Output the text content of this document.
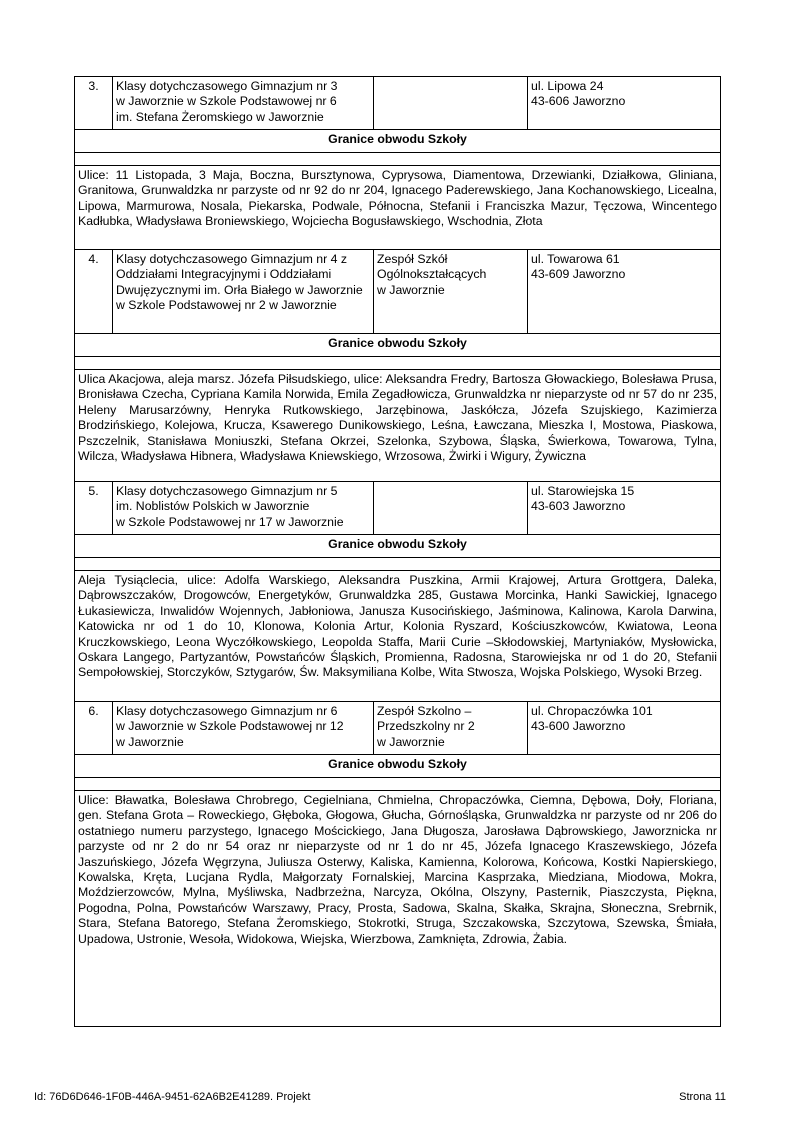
3.	Klasy dotychczasowego Gimnazjum nr 3
w Jaworznie w Szkole Podstawowej nr 6
im. Stefana Żeromskiego w Jaworznie		ul. Lipowa 24
43-606 Jaworzno
Granice obwodu Szkoły			

Ulice: 11 Listopada, 3 Maja, Boczna, Bursztynowa, Cyprysowa, Diamentowa, Drzewianki, Działkowa, Gliniana, Granitowa, Grunwaldzka nr parzyste od nr 92 do nr 204, Ignacego Paderewskiego, Jana Kochanowskiego, Licealna, Lipowa, Marmurowa, Nosala, Piekarska, Podwale, Północna, Stefanii i Franciszka Mazur, Tęczowa, Wincentego Kadłubka, Władysława Broniewskiego, Wojciecha Bogusławskiego, Wschodnia, Złota			
4.	Klasy dotychczasowego Gimnazjum nr 4 z Oddziałami Integracyjnymi i Oddziałami Dwujęzycznymi im. Orła Białego w Jaworznie w Szkole Podstawowej nr 2 w Jaworznie	Zespół Szkół
Ogólnokształcących
w Jaworznie	ul. Towarowa 61
43-609 Jaworzno
Granice obwodu Szkoły			

Ulica Akacjowa, aleja marsz. Józefa Piłsudskiego, ulice: Aleksandra Fredry, Bartosza Głowackiego, Bolesława Prusa, Bronisława Czecha, Cypriana Kamila Norwida, Emila Zegadłowicza, Grunwaldzka nr nieparzyste od nr 57 do nr 235, Heleny Marusarzówny, Henryka Rutkowskiego, Jarzębinowa, Jaskółcza, Józefa Szujskiego, Kazimierza Brodzińskiego, Kolejowa, Krucza, Ksawerego Dunikowskiego, Leśna, Ławczana, Mieszka I, Mostowa, Piaskowa, Pszczelnik, Stanisława Moniuszki, Stefana Okrzei, Szelonka, Szybowa, Śląska, Świerkowa, Towarowa, Tylna, Wilcza, Władysława Hibnera, Władysława Kniewskiego, Wrzosowa, Żwirki i Wigury, Żywiczna			
5.	Klasy dotychczasowego Gimnazjum nr 5
im. Noblistów Polskich w Jaworznie
w Szkole Podstawowej nr 17 w Jaworznie		ul. Starowiejska 15
43-603 Jaworzno
Granice obwodu Szkoły			

Aleja Tysiąclecia, ulice: Adolfa Warskiego, Aleksandra Puszkina, Armii Krajowej, Artura Grottgera, Daleka, Dąbrowszczaków, Drogowców, Energetyków, Grunwaldzka 285, Gustawa Morcinka, Hanki Sawickiej, Ignacego Łukasiewicza, Inwalidów Wojennych, Jabłoniowa, Janusza Kusocińskiego, Jaśminowa, Kalinowa, Karola Darwina, Katowicka nr od 1 do 10, Klonowa, Kolonia Artur, Kolonia Ryszard, Kościuszkowców, Kwiatowa, Leona Kruczkowskiego, Leona Wyczółkowskiego, Leopolda Staffa, Marii Curie –Skłodowskiej, Martyniaków, Mysłowicka, Oskara Langego, Partyzantów, Powstańców Śląskich, Promienna, Radosna, Starowiejska nr od 1 do 20, Stefanii Sempołowskiej, Storczyków, Sztygarów, Św. Maksymiliana Kolbe, Wita Stwosza, Wojska Polskiego, Wysoki Brzeg.			
6.	Klasy dotychczasowego Gimnazjum nr 6
w Jaworznie w Szkole Podstawowej nr 12
w Jaworznie	Zespół Szkolno –
Przedszkolny nr 2
w Jaworznie	ul. Chropaczówka 101
43-600 Jaworzno
Granice obwodu Szkoły			

Ulice: Bławatka, Bolesława Chrobrego, Cegielniana, Chmielna, Chropaczówka, Ciemna, Dębowa, Doły, Floriana, gen. Stefana Grota – Roweckiego, Głęboka, Głogowa, Głucha, Górnośląska, Grunwaldzka nr parzyste od nr 206 do ostatniego numeru parzystego, Ignacego Mościckiego, Jana Długosza, Jarosława Dąbrowskiego, Jaworznicka nr parzyste od nr 2 do nr 54 oraz nr nieparzyste od nr 1 do nr 45, Józefa Ignacego Kraszewskiego, Józefa Jaszuńskiego, Józefa Węgrzyna, Juliusza Osterwy, Kaliska, Kamienna, Kolorowa, Końcowa, Kostki Napierskiego, Kowalska, Kręta, Lucjana Rydla, Małgorzaty Fornalskiej, Marcina Kasprzaka, Miedziana, Miodowa, Mokra, Moździerzowców, Mylna, Myśliwska, Nadbrzeżna, Narcyza, Okólna, Olszyny, Pasternik, Piaszczysta, Piękna, Pogodna, Polna, Powstańców Warszawy, Pracy, Prosta, Sadowa, Skalna, Skałka, Skrajna, Słoneczna, Srebrnik, Stara, Stefana Batorego, Stefana Żeromskiego, Stokrotki, Struga, Szczakowska, Szczytowa, Szewska, Śmiała, Upadowa, Ustronie, Wesoła, Widokowa, Wiejska, Wierzbowa, Zamknięta, Zdrowia, Żabia.			
Id: 76D6D646-1F0B-446A-9451-62A6B2E41289. Projekt	Strona 11
